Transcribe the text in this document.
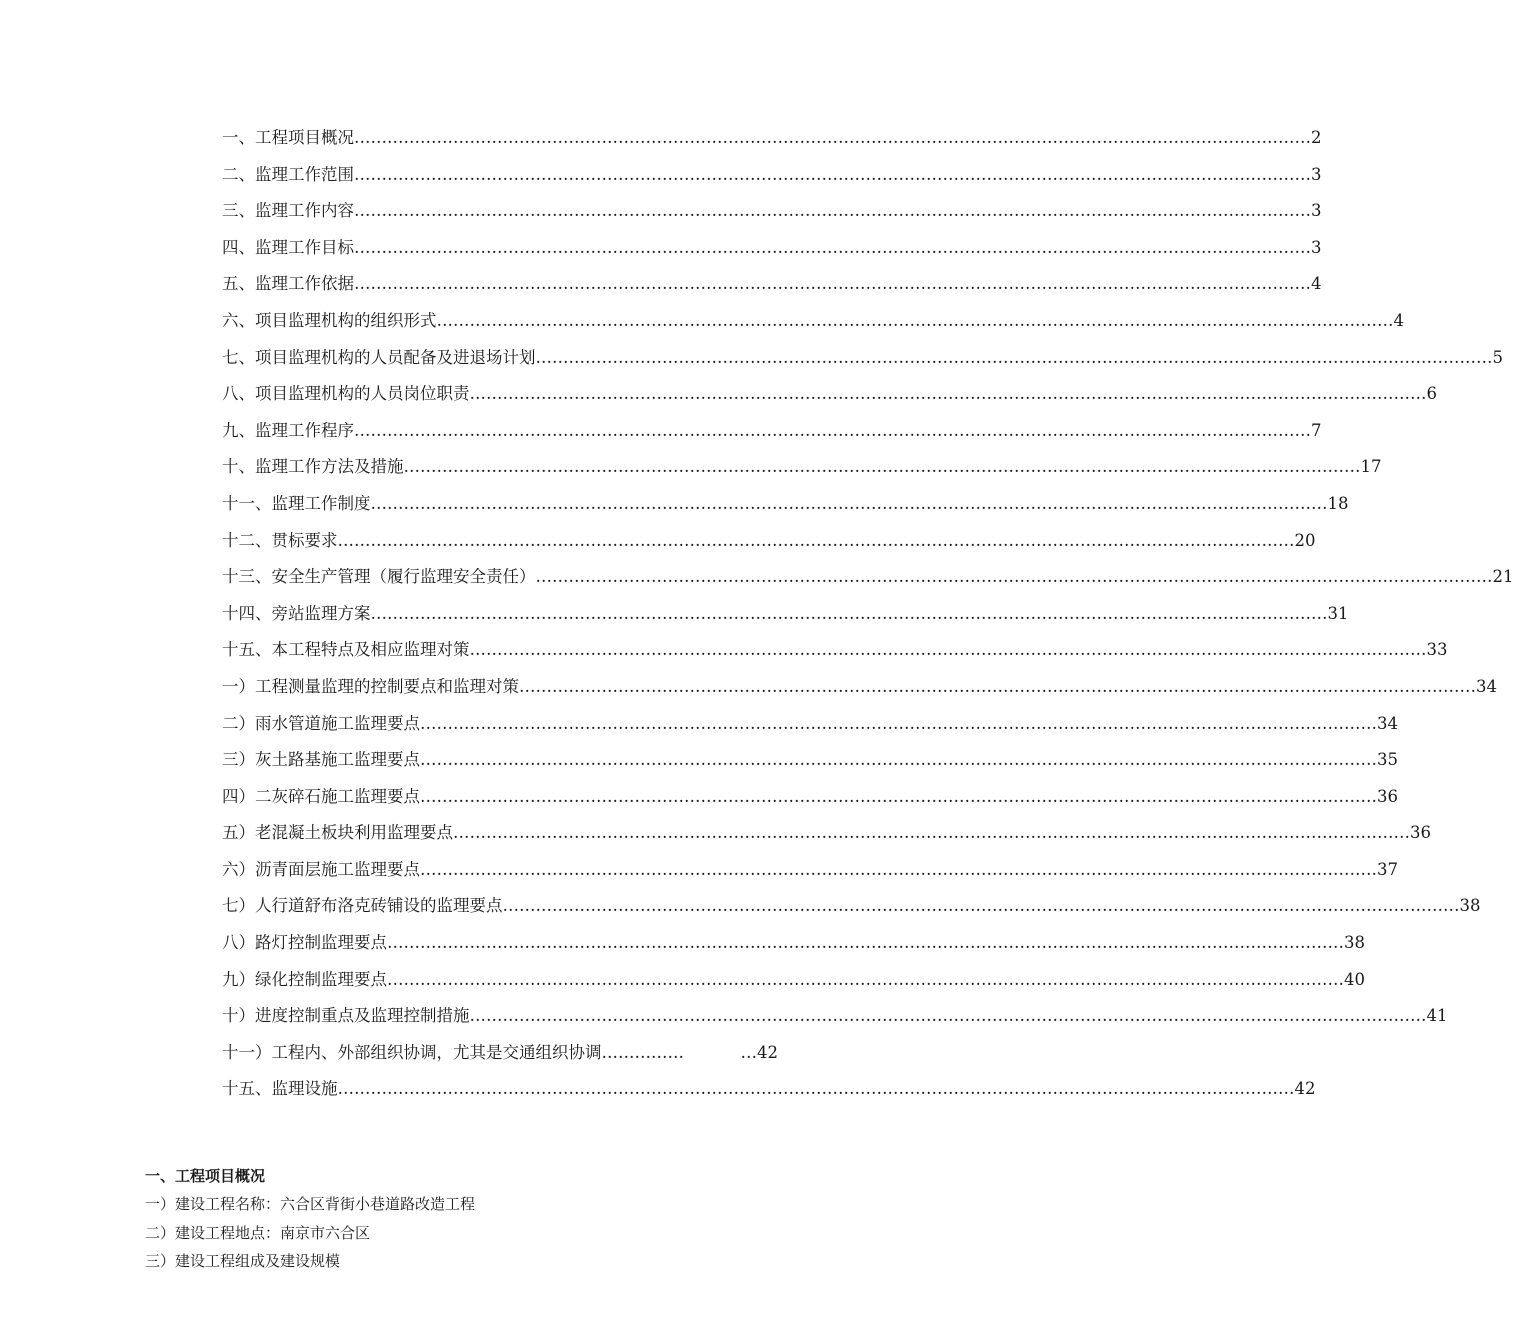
一、工程项目概况 ………………………………………………………………………………………………………………………………………………………… 2
二、监理工作范围 ………………………………………………………………………………………………………………………………………………………… 3
三、监理工作内容 ………………………………………………………………………………………………………………………………………………………… 3
四、监理工作目标 ………………………………………………………………………………………………………………………………………………………… 3
五、监理工作依据 ………………………………………………………………………………………………………………………………………………………… 4
六、项目监理机构的组织形式 ………………………………………………………………………………………………………………………………………………………… 4
七、项目监理机构的人员配备及进退场计划 ………………………………………………………………………………………………………………………………………………………… 5
八、项目监理机构的人员岗位职责 ………………………………………………………………………………………………………………………………………………………… 6
九、监理工作程序 ………………………………………………………………………………………………………………………………………………………… 7
十、监理工作方法及措施 ………………………………………………………………………………………………………………………………………………………… 17
十一、监理工作制度 ………………………………………………………………………………………………………………………………………………………… 18
十二、贯标要求 ………………………………………………………………………………………………………………………………………………………… 20
十三、安全生产管理（履行监理安全责任） ………………………………………………………………………………………………………………………………………………………… 21
十四、旁站监理方案 ………………………………………………………………………………………………………………………………………………………… 31
十五、本工程特点及相应监理对策 ………………………………………………………………………………………………………………………………………………………… 33
一）工程测量监理的控制要点和监理对策 ………………………………………………………………………………………………………………………………………………………… 34
二）雨水管道施工监理要点 ………………………………………………………………………………………………………………………………………………………… 34
三）灰土路基施工监理要点 ………………………………………………………………………………………………………………………………………………………… 35
四）二灰碎石施工监理要点 ………………………………………………………………………………………………………………………………………………………… 36
五）老混凝土板块利用监理要点 ………………………………………………………………………………………………………………………………………………………… 36
六）沥青面层施工监理要点 ………………………………………………………………………………………………………………………………………………………… 37
七）人行道舒布洛克砖铺设的监理要点 ………………………………………………………………………………………………………………………………………………………… 38
八）路灯控制监理要点 ………………………………………………………………………………………………………………………………………………………… 38
九）绿化控制监理要点 ………………………………………………………………………………………………………………………………………………………… 40
十）进度控制重点及监理控制措施 ………………………………………………………………………………………………………………………………………………………… 41
十一）工程内、外部组织协调，尤其是交通组织协调 ……………	… 42
十五、监理设施 ………………………………………………………………………………………………………………………………………………………… 42
一、工程项目概况
一）建设工程名称：六合区背街小巷道路改造工程
二）建设工程地点：南京市六合区
三）建设工程组成及建设规模
